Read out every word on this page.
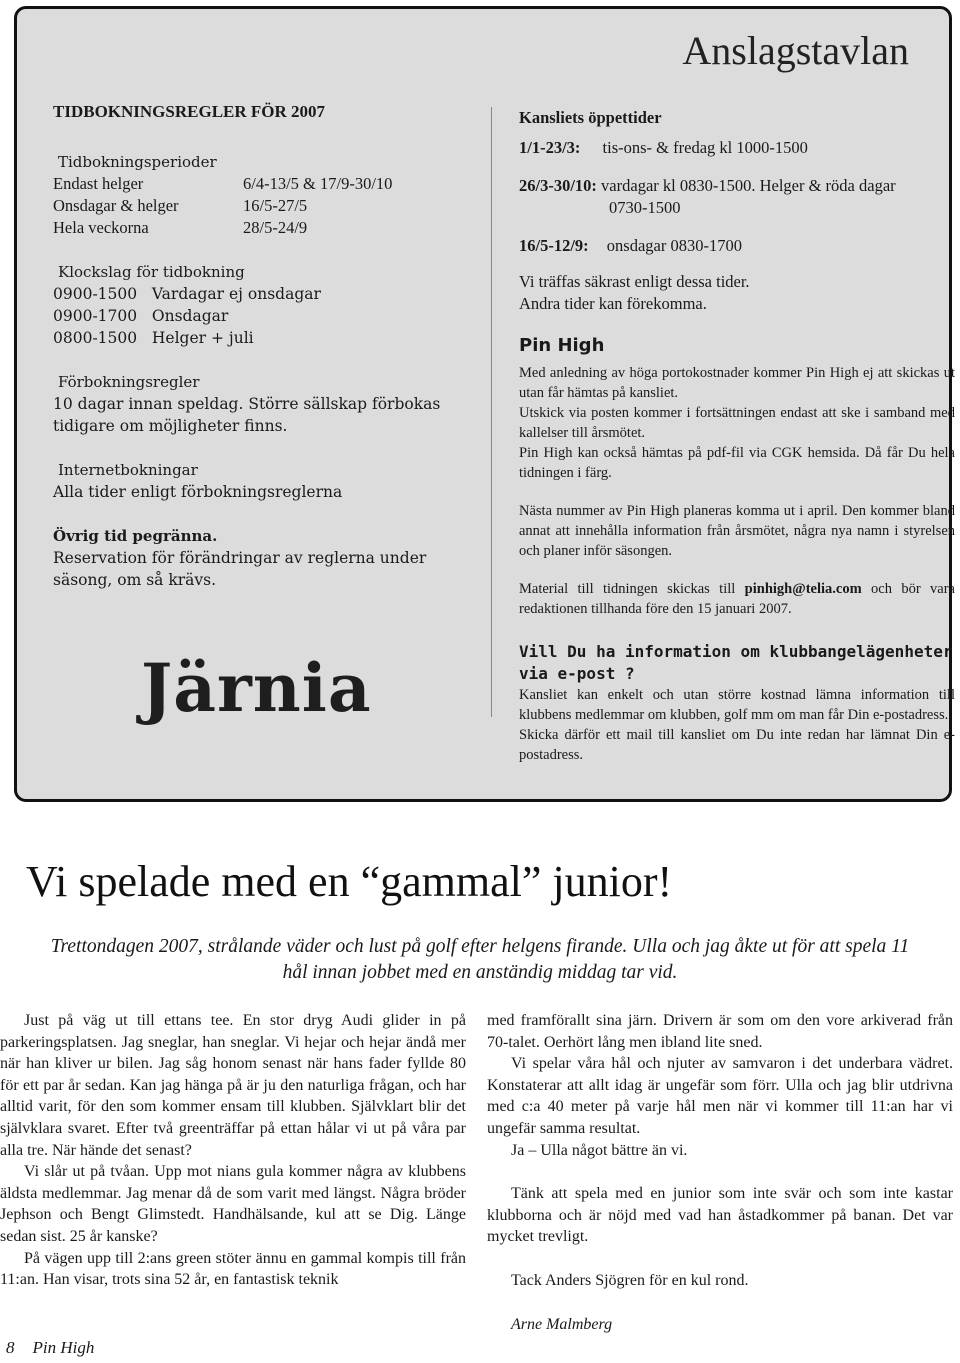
Anslagstavlan
TIDBOKNINGSREGLER FÖR 2007
Tidbokningsperioder
Endast helger	6/4-13/5 & 17/9-30/10
Onsdagar & helger	16/5-27/5
Hela veckorna	28/5-24/9
Klockslag för tidbokning
0900-1500   Vardagar ej onsdagar
0900-1700   Onsdagar
0800-1500   Helger + juli
Förbokningsregler
10 dagar innan speldag. Större sällskap förbokas tidigare om möjligheter finns.
Internetbokningar
Alla tider enligt förbokningsreglerna
Övrig tid pegränna.
Reservation för förändringar av reglerna under säsong, om så krävs.
Järnia
Kansliets öppettider
1/1-23/3: tis-ons- & fredag kl 1000-1500
26/3-30/10: vardagar kl 0830-1500. Helger & röda dagar
0730-1500
16/5-12/9: onsdagar 0830-1700
Vi träffas säkrast enligt dessa tider.
Andra tider kan förekomma.
Pin High
Med anledning av höga portokostnader kommer Pin High ej att skickas ut utan får hämtas på kansliet.
Utskick via posten kommer i fortsättningen endast att ske i samband med kallelser till årsmötet.
Pin High kan också hämtas på pdf-fil via CGK hemsida. Då får Du hela tidningen i färg.
Nästa nummer av Pin High planeras komma ut i april. Den kommer bland annat att innehålla information från årsmötet, några nya namn i styrelsen och planer inför säsongen.
Material till tidningen skickas till pinhigh@telia.com och bör vara redaktionen tillhanda före den 15 januari 2007.
Vill Du ha information om klubbangelägenheter via e-post ?
Kansliet kan enkelt och utan större kostnad lämna information till klubbens medlemmar om klubben, golf mm om man får Din e-postadress.
Skicka därför ett mail till kansliet om Du inte redan har lämnat Din e-postadress.
Vi spelade med en “gammal” junior!
Trettondagen 2007, strålande väder och lust på golf efter helgens firande. Ulla och jag åkte ut för att spela 11 hål innan jobbet med en anständig middag tar vid.

Just på väg ut till ettans tee. En stor dryg Audi glider in på parkeringsplatsen. Jag sneglar, han sneglar. Vi hejar och hejar ändå mer när han kliver ur bilen. Jag såg honom senast när hans fader fyllde 80 för ett par år sedan. Kan jag hänga på är ju den naturliga frågan, och har alltid varit, för den som kommer ensam till klubben. Självklart blir det självklara svaret. Efter två greenträffar på ettan hålar vi ut på våra par alla tre. När hände det senast?

Vi slår ut på tvåan. Upp mot nians gula kommer några av klubbens äldsta medlemmar. Jag menar då de som varit med längst. Några bröder Jephson och Bengt Glimstedt. Handhälsande, kul att se Dig. Länge sedan sist. 25 år kanske?

På vägen upp till 2:ans green stöter ännu en gammal kompis till från 11:an. Han visar, trots sina 52 år, en fantastisk teknik

med framförallt sina järn. Drivern är som om den vore arkiverad från 70-talet. Oerhört lång men ibland lite sned.

Vi spelar våra hål och njuter av samvaron i det underbara vädret. Konstaterar att allt idag är ungefär som förr. Ulla och jag blir utdrivna med c:a 40 meter på varje hål men när vi kommer till 11:an har vi ungefär samma resultat.

Ja – Ulla något bättre än vi.

Tänk att spela med en junior som inte svär och som inte kastar klubborna och är nöjd med vad han åstadkommer på banan. Det var mycket trevligt.

Tack Anders Sjögren för en kul rond.

Arne Malmberg

8 Pin High
